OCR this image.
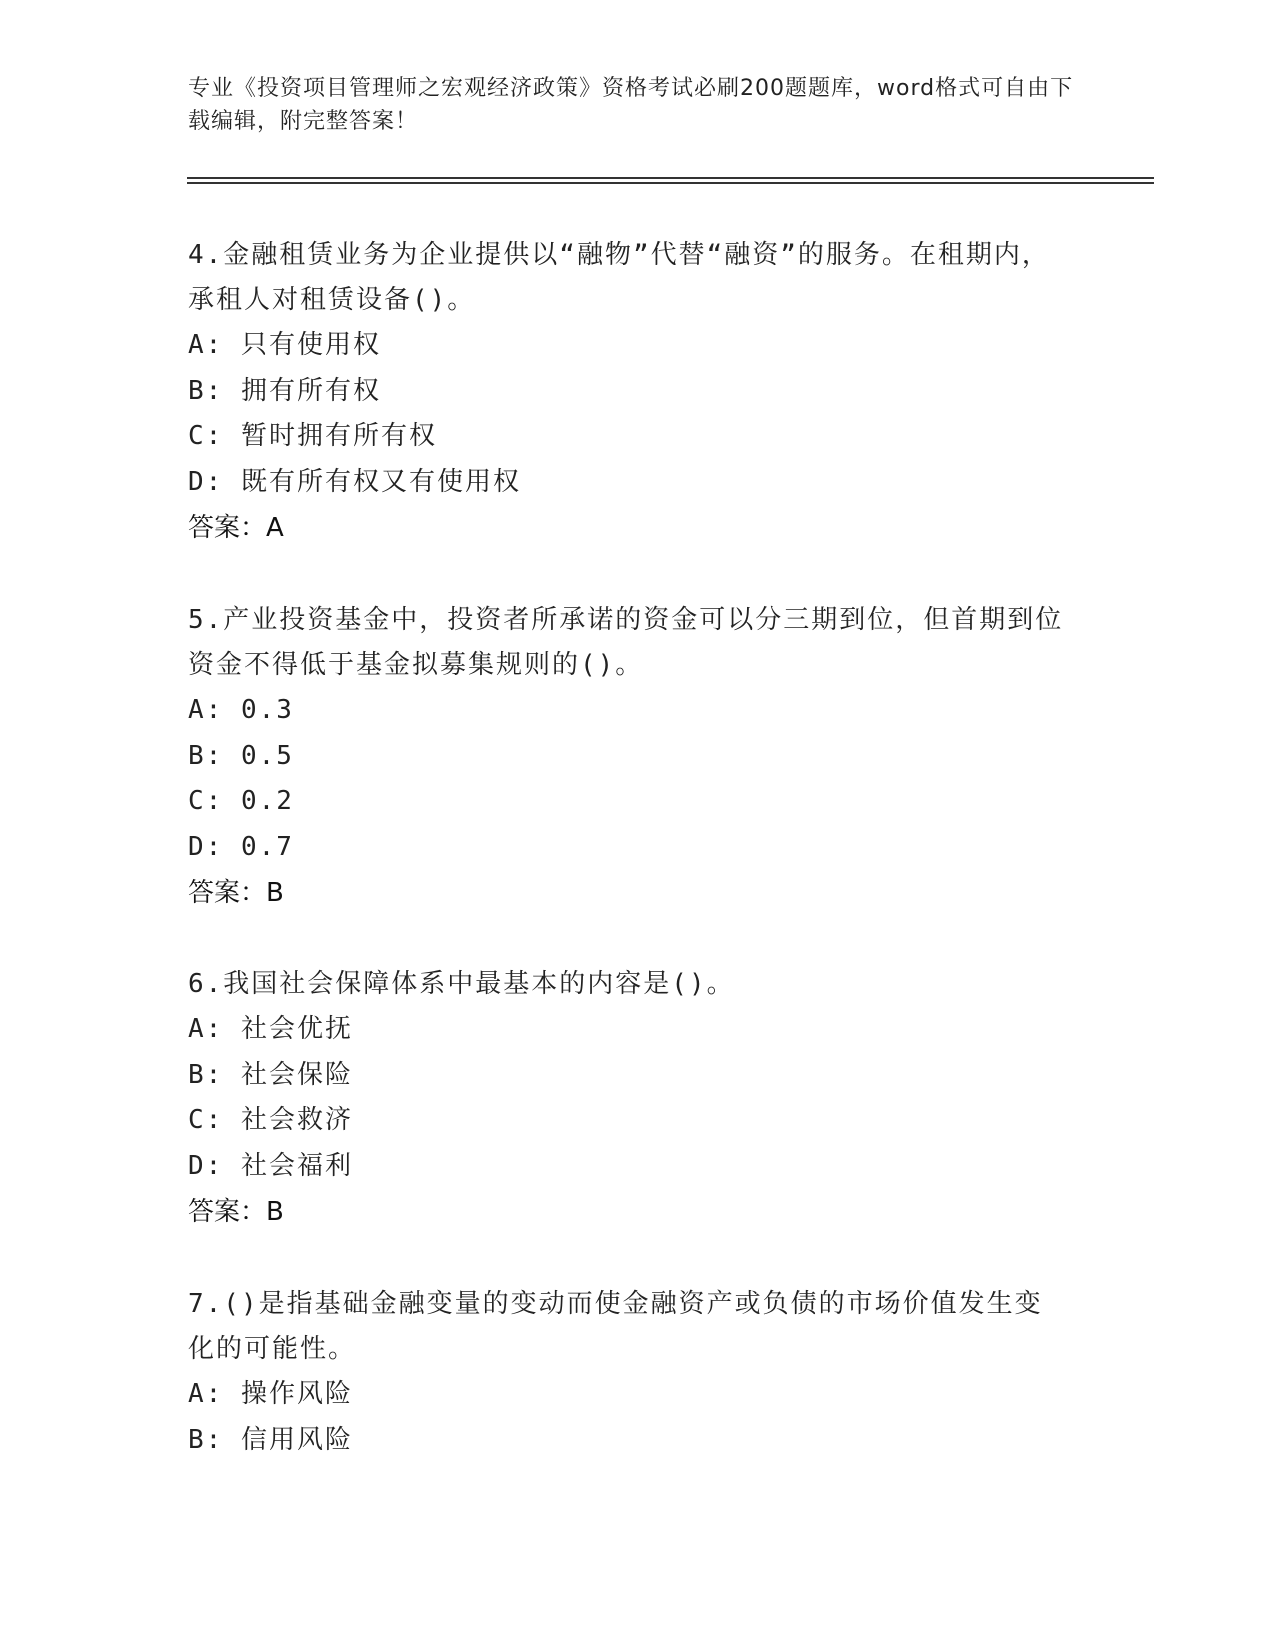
专业《投资项目管理师之宏观经济政策》资格考试必刷200题题库，word格式可自由下载编辑，附完整答案！

4.金融租赁业务为企业提供以“融物”代替“融资”的服务。在租期内，承租人对租赁设备()。

A: 只有使用权

B: 拥有所有权

C: 暂时拥有所有权

D: 既有所有权又有使用权

答案：A

5.产业投资基金中，投资者所承诺的资金可以分三期到位，但首期到位资金不得低于基金拟募集规则的()。

A: 0.3

B: 0.5

C: 0.2

D: 0.7

答案：B

6.我国社会保障体系中最基本的内容是()。

A: 社会优抚

B: 社会保险

C: 社会救济

D: 社会福利

答案：B

7.()是指基础金融变量的变动而使金融资产或负债的市场价值发生变化的可能性。

A: 操作风险

B: 信用风险
